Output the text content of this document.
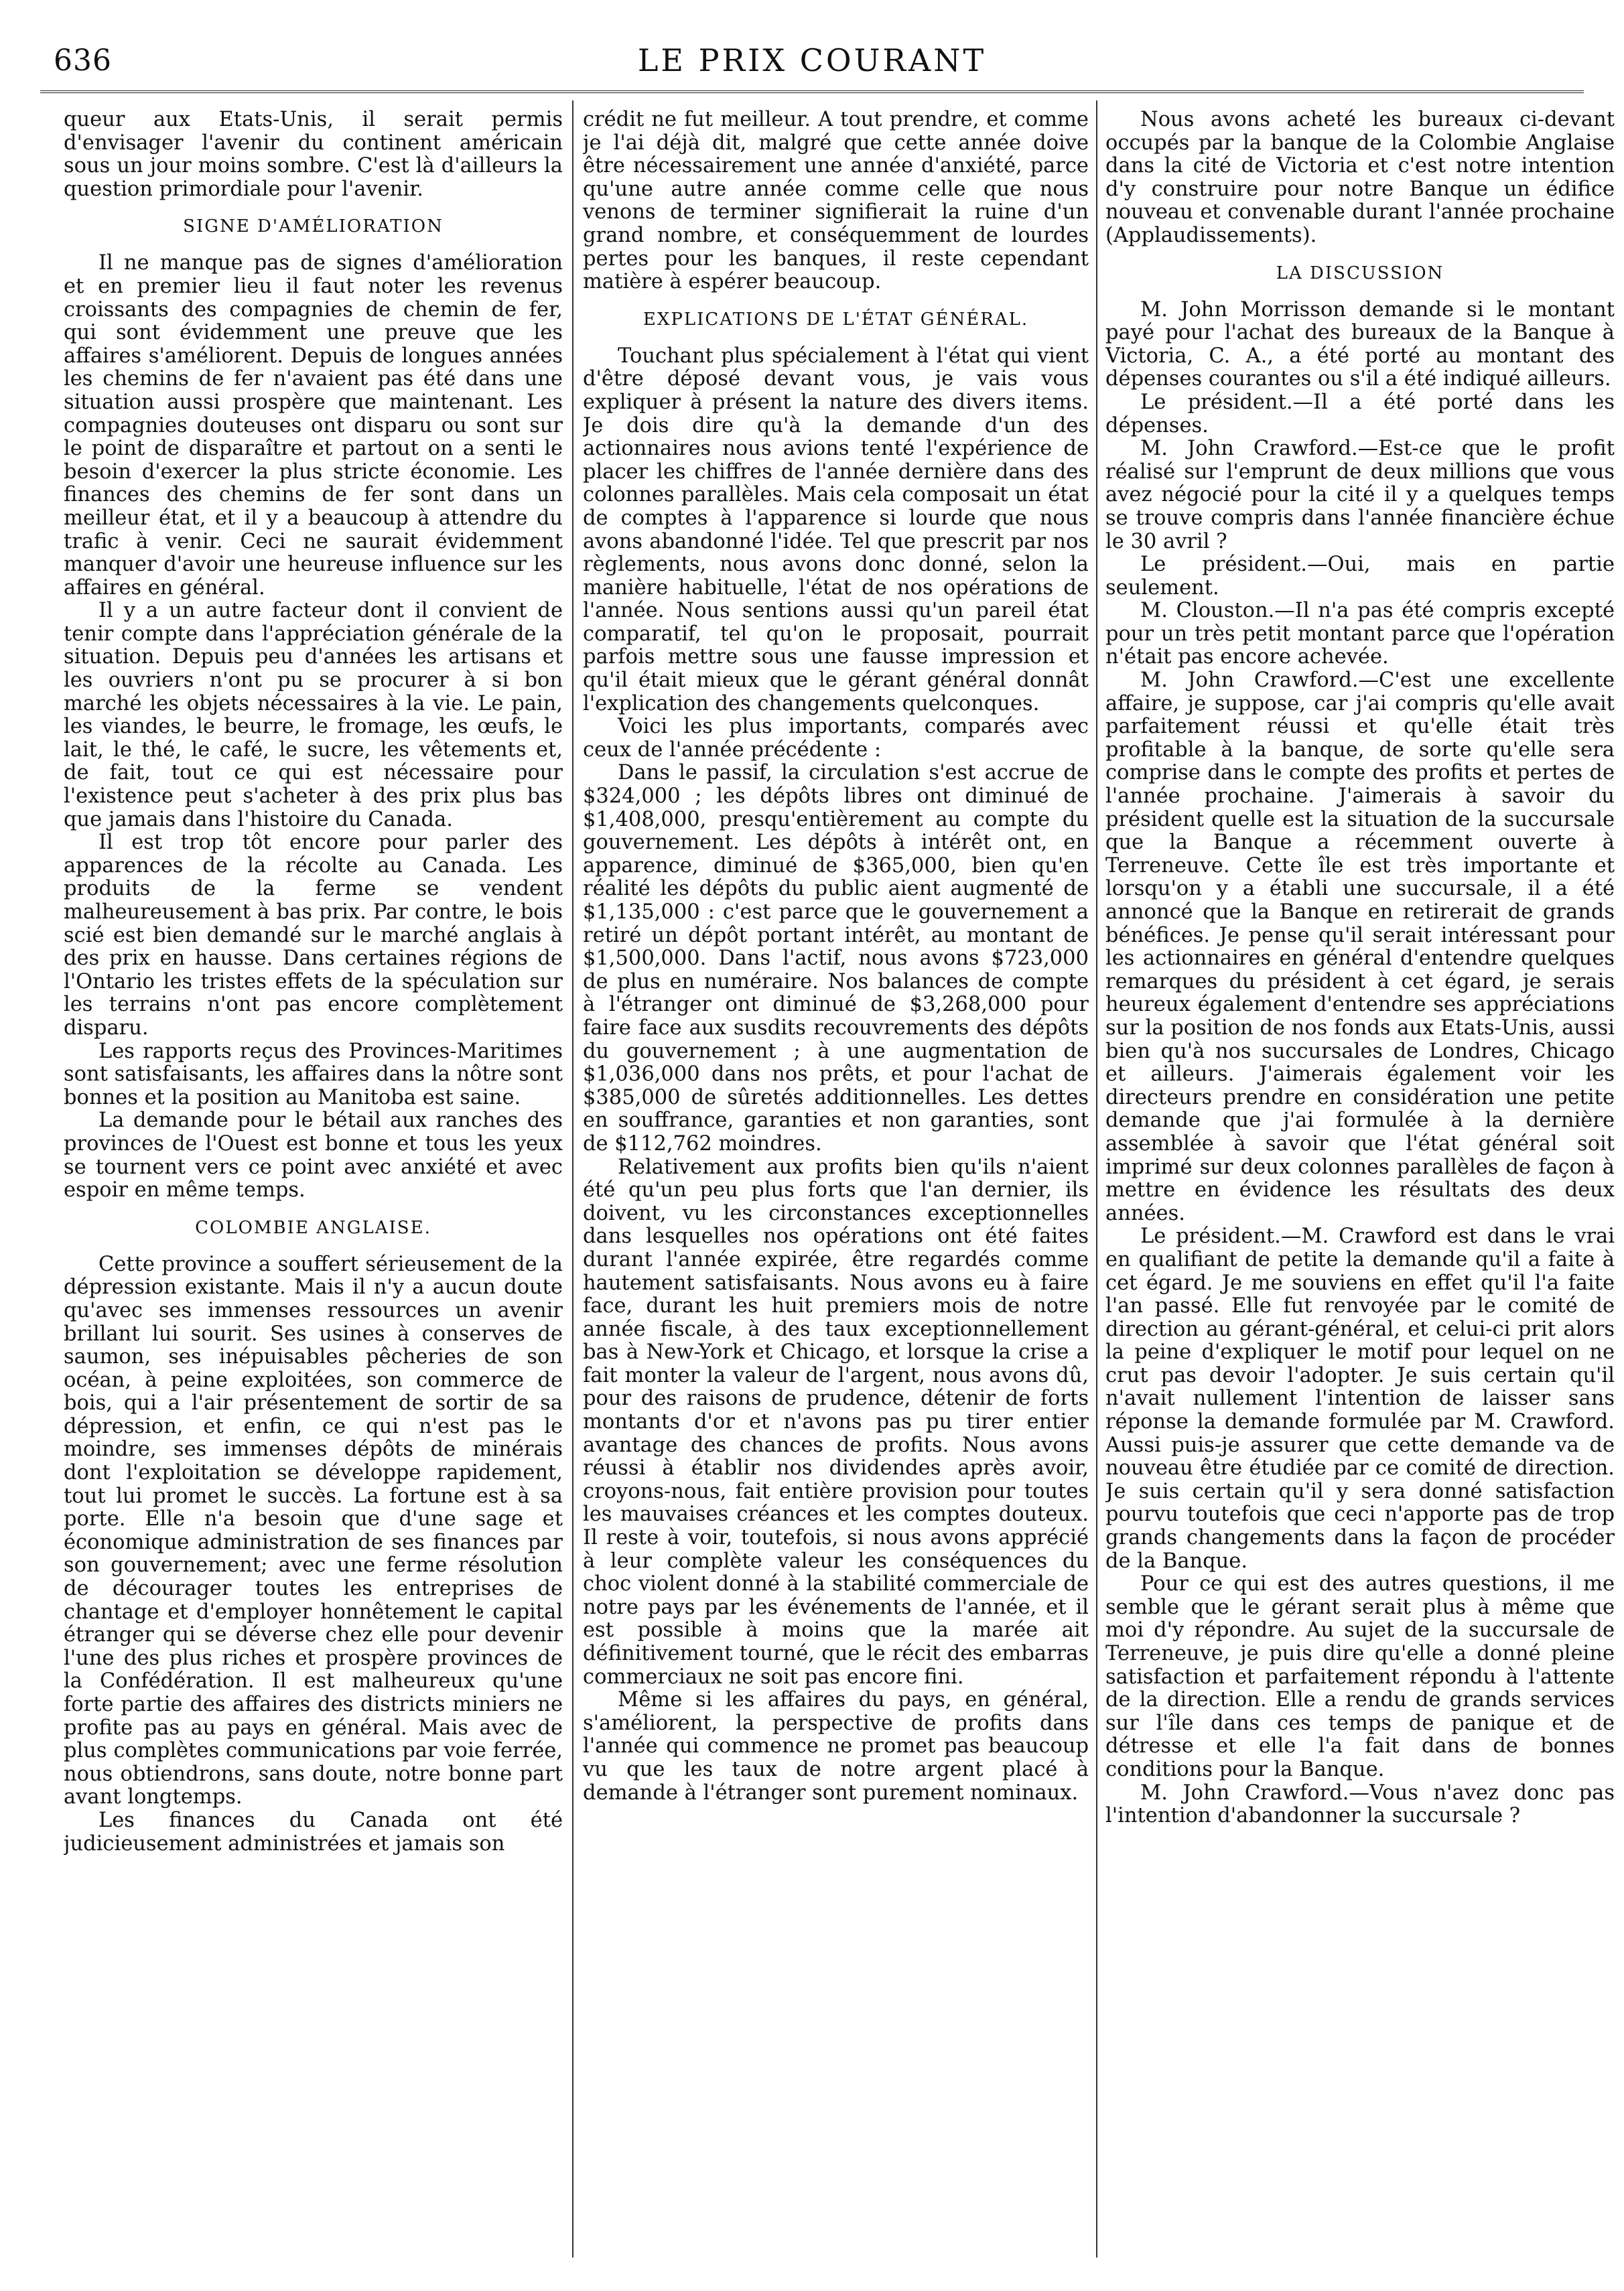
636	LE PRIX COURANT

queur aux Etats-Unis, il serait permis d'envisager l'avenir du continent américain sous un jour moins sombre. C'est là d'ailleurs la question primordiale pour l'avenir.

SIGNE D'AMÉLIORATION

Il ne manque pas de signes d'amélioration et en premier lieu il faut noter les revenus croissants des compagnies de chemin de fer, qui sont évidemment une preuve que les affaires s'améliorent. Depuis de longues années les chemins de fer n'avaient pas été dans une situation aussi prospère que maintenant. Les compagnies douteuses ont disparu ou sont sur le point de disparaître et partout on a senti le besoin d'exercer la plus stricte économie. Les finances des chemins de fer sont dans un meilleur état, et il y a beaucoup à attendre du trafic à venir. Ceci ne saurait évidemment manquer d'avoir une heureuse influence sur les affaires en général.

Il y a un autre facteur dont il convient de tenir compte dans l'appréciation générale de la situation. Depuis peu d'années les artisans et les ouvriers n'ont pu se procurer à si bon marché les objets nécessaires à la vie. Le pain, les viandes, le beurre, le fromage, les œufs, le lait, le thé, le café, le sucre, les vêtements et, de fait, tout ce qui est nécessaire pour l'existence peut s'acheter à des prix plus bas que jamais dans l'histoire du Canada.

Il est trop tôt encore pour parler des apparences de la récolte au Canada. Les produits de la ferme se vendent malheureusement à bas prix. Par contre, le bois scié est bien demandé sur le marché anglais à des prix en hausse. Dans certaines régions de l'Ontario les tristes effets de la spéculation sur les terrains n'ont pas encore complètement disparu.

Les rapports reçus des Provinces-Maritimes sont satisfaisants, les affaires dans la nôtre sont bonnes et la position au Manitoba est saine.

La demande pour le bétail aux ranches des provinces de l'Ouest est bonne et tous les yeux se tournent vers ce point avec anxiété et avec espoir en même temps.

COLOMBIE ANGLAISE.

Cette province a souffert sérieusement de la dépression existante. Mais il n'y a aucun doute qu'avec ses immenses ressources un avenir brillant lui sourit. Ses usines à conserves de saumon, ses inépuisables pêcheries de son océan, à peine exploitées, son commerce de bois, qui a l'air présentement de sortir de sa dépression, et enfin, ce qui n'est pas le moindre, ses immenses dépôts de minérais dont l'exploitation se développe rapidement, tout lui promet le succès. La fortune est à sa porte. Elle n'a besoin que d'une sage et économique administration de ses finances par son gouvernement; avec une ferme résolution de décourager toutes les entreprises de chantage et d'employer honnêtement le capital étranger qui se déverse chez elle pour devenir l'une des plus riches et prospère provinces de la Confédération. Il est malheureux qu'une forte partie des affaires des districts miniers ne profite pas au pays en général. Mais avec de plus complètes communications par voie ferrée, nous obtiendrons, sans doute, notre bonne part avant longtemps.

Les finances du Canada ont été judicieusement administrées et jamais son

crédit ne fut meilleur. A tout prendre, et comme je l'ai déjà dit, malgré que cette année doive être nécessairement une année d'anxiété, parce qu'une autre année comme celle que nous venons de terminer signifierait la ruine d'un grand nombre, et conséquemment de lourdes pertes pour les banques, il reste cependant matière à espérer beaucoup.

EXPLICATIONS DE L'ÉTAT GÉNÉRAL.

Touchant plus spécialement à l'état qui vient d'être déposé devant vous, je vais vous expliquer à présent la nature des divers items. Je dois dire qu'à la demande d'un des actionnaires nous avions tenté l'expérience de placer les chiffres de l'année dernière dans des colonnes parallèles. Mais cela composait un état de comptes à l'apparence si lourde que nous avons abandonné l'idée. Tel que prescrit par nos règlements, nous avons donc donné, selon la manière habituelle, l'état de nos opérations de l'année. Nous sentions aussi qu'un pareil état comparatif, tel qu'on le proposait, pourrait parfois mettre sous une fausse impression et qu'il était mieux que le gérant général donnât l'explication des changements quelconques.

Voici les plus importants, comparés avec ceux de l'année précédente :

Dans le passif, la circulation s'est accrue de $324,000 ; les dépôts libres ont diminué de $1,408,000, presqu'entièrement au compte du gouvernement. Les dépôts à intérêt ont, en apparence, diminué de $365,000, bien qu'en réalité les dépôts du public aient augmenté de $1,135,000 : c'est parce que le gouvernement a retiré un dépôt portant intérêt, au montant de $1,500,000. Dans l'actif, nous avons $723,000 de plus en numéraire. Nos balances de compte à l'étranger ont diminué de $3,268,000 pour faire face aux susdits recouvrements des dépôts du gouvernement ; à une augmentation de $1,036,000 dans nos prêts, et pour l'achat de $385,000 de sûretés additionnelles. Les dettes en souffrance, garanties et non garanties, sont de $112,762 moindres.

Relativement aux profits bien qu'ils n'aient été qu'un peu plus forts que l'an dernier, ils doivent, vu les circonstances exceptionnelles dans lesquelles nos opérations ont été faites durant l'année expirée, être regardés comme hautement satisfaisants. Nous avons eu à faire face, durant les huit premiers mois de notre année fiscale, à des taux exceptionnellement bas à New-York et Chicago, et lorsque la crise a fait monter la valeur de l'argent, nous avons dû, pour des raisons de prudence, détenir de forts montants d'or et n'avons pas pu tirer entier avantage des chances de profits. Nous avons réussi à établir nos dividendes après avoir, croyons-nous, fait entière provision pour toutes les mauvaises créances et les comptes douteux. Il reste à voir, toutefois, si nous avons apprécié à leur complète valeur les conséquences du choc violent donné à la stabilité commerciale de notre pays par les événements de l'année, et il est possible à moins que la marée ait définitivement tourné, que le récit des embarras commerciaux ne soit pas encore fini.

Même si les affaires du pays, en général, s'améliorent, la perspective de profits dans l'année qui commence ne promet pas beaucoup vu que les taux de notre argent placé à demande à l'étranger sont purement nominaux.

Nous avons acheté les bureaux ci-devant occupés par la banque de la Colombie Anglaise dans la cité de Victoria et c'est notre intention d'y construire pour notre Banque un édifice nouveau et convenable durant l'année prochaine (Applaudissements).

LA DISCUSSION

M. John Morrisson demande si le montant payé pour l'achat des bureaux de la Banque à Victoria, C. A., a été porté au montant des dépenses courantes ou s'il a été indiqué ailleurs.

Le président.—Il a été porté dans les dépenses.

M. John Crawford.—Est-ce que le profit réalisé sur l'emprunt de deux millions que vous avez négocié pour la cité il y a quelques temps se trouve compris dans l'année financière échue le 30 avril ?

Le président.—Oui, mais en partie seulement.

M. Clouston.—Il n'a pas été compris excepté pour un très petit montant parce que l'opération n'était pas encore achevée.

M. John Crawford.—C'est une excellente affaire, je suppose, car j'ai compris qu'elle avait parfaitement réussi et qu'elle était très profitable à la banque, de sorte qu'elle sera comprise dans le compte des profits et pertes de l'année prochaine. J'aimerais à savoir du président quelle est la situation de la succursale que la Banque a récemment ouverte à Terreneuve. Cette île est très importante et lorsqu'on y a établi une succursale, il a été annoncé que la Banque en retirerait de grands bénéfices. Je pense qu'il serait intéressant pour les actionnaires en général d'entendre quelques remarques du président à cet égard, je serais heureux également d'entendre ses appréciations sur la position de nos fonds aux Etats-Unis, aussi bien qu'à nos succursales de Londres, Chicago et ailleurs. J'aimerais également voir les directeurs prendre en considération une petite demande que j'ai formulée à la dernière assemblée à savoir que l'état général soit imprimé sur deux colonnes parallèles de façon à mettre en évidence les résultats des deux années.

Le président.—M. Crawford est dans le vrai en qualifiant de petite la demande qu'il a faite à cet égard. Je me souviens en effet qu'il l'a faite l'an passé. Elle fut renvoyée par le comité de direction au gérant-général, et celui-ci prit alors la peine d'expliquer le motif pour lequel on ne crut pas devoir l'adopter. Je suis certain qu'il n'avait nullement l'intention de laisser sans réponse la demande formulée par M. Crawford. Aussi puis-je assurer que cette demande va de nouveau être étudiée par ce comité de direction. Je suis certain qu'il y sera donné satisfaction pourvu toutefois que ceci n'apporte pas de trop grands changements dans la façon de procéder de la Banque.

Pour ce qui est des autres questions, il me semble que le gérant serait plus à même que moi d'y répondre. Au sujet de la succursale de Terreneuve, je puis dire qu'elle a donné pleine satisfaction et parfaitement répondu à l'attente de la direction. Elle a rendu de grands services sur l'île dans ces temps de panique et de détresse et elle l'a fait dans de bonnes conditions pour la Banque.

M. John Crawford.—Vous n'avez donc pas l'intention d'abandonner la succursale ?
